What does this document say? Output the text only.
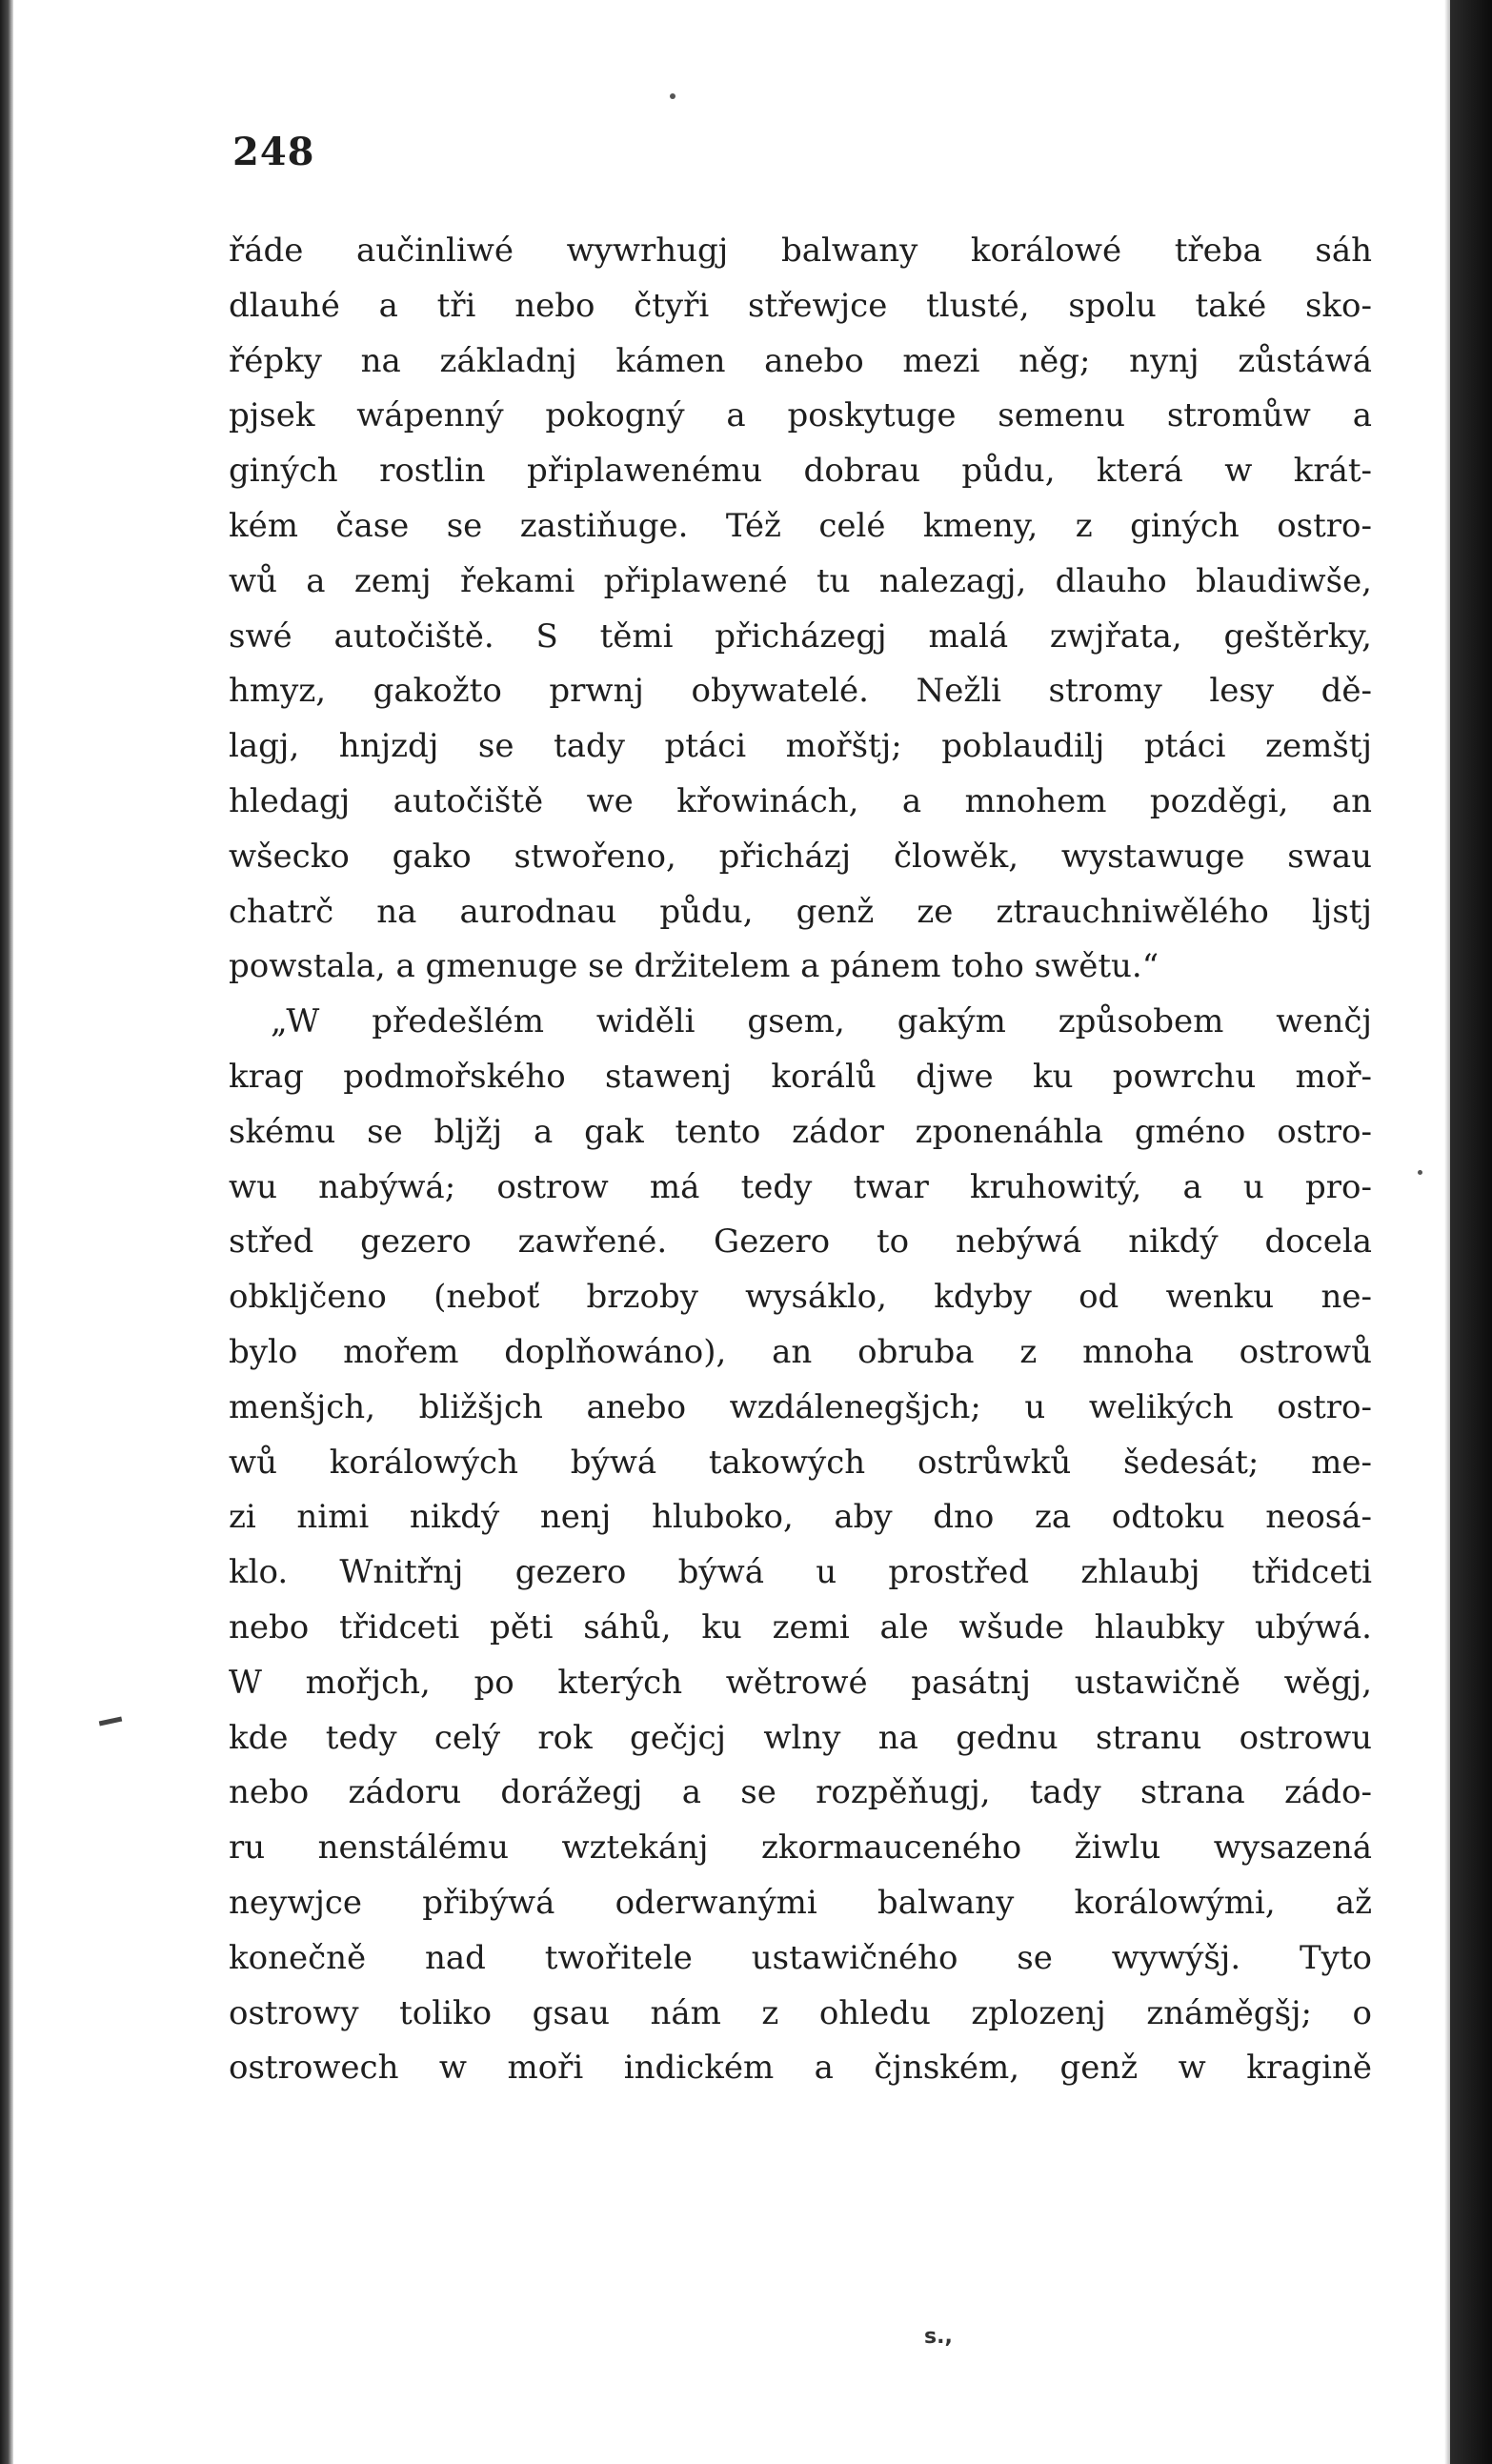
248
řáde aučinliwé wywrhugj balwany korálowé třeba sáh
dlauhé a tři nebo čtyři střewjce tlusté, spolu také sko-
řépky na základnj kámen anebo mezi něg; nynj zůstáwá
pjsek wápenný pokogný a poskytuge semenu stromůw a
giných rostlin připlawenému dobrau půdu, která w krát-
kém čase se zastiňuge. Též celé kmeny, z giných ostro-
wů a zemj řekami připlawené tu nalezagj, dlauho blaudiwše,
swé autočiště. S těmi přicházegj malá zwjřata, geštěrky,
hmyz, gakožto prwnj obywatelé. Nežli stromy lesy dě-
lagj, hnjzdj se tady ptáci mořštj; poblaudilj ptáci zemštj
hledagj autočiště we křowinách, a mnohem pozděgi, an
wšecko gako stwořeno, přicházj člowěk, wystawuge swau
chatrč na aurodnau půdu, genž ze ztrauchniwělého ljstj
powstala, a gmenuge se držitelem a pánem toho swětu.“
„W předešlém widěli gsem, gakým způsobem wenčj
krag podmořského stawenj korálů djwe ku powrchu moř-
skému se bljžj a gak tento zádor zponenáhla gméno ostro-
wu nabýwá; ostrow má tedy twar kruhowitý, a u pro-
střed gezero zawřené. Gezero to nebýwá nikdý docela
obkljčeno (neboť brzoby wysáklo, kdyby od wenku ne-
bylo mořem doplňowáno), an obruba z mnoha ostrowů
menšjch, bližšjch anebo wzdálenegšjch; u welikých ostro-
wů korálowých býwá takowých ostrůwků šedesát; me-
zi nimi nikdý nenj hluboko, aby dno za odtoku neosá-
klo. Wnitřnj gezero býwá u prostřed zhlaubj třidceti
nebo třidceti pěti sáhů, ku zemi ale wšude hlaubky ubýwá.
W mořjch, po kterých wětrowé pasátnj ustawičně wěgj,
kde tedy celý rok gečjcj wlny na gednu stranu ostrowu
nebo zádoru dorážegj a se rozpěňugj, tady strana zádo-
ru nenstálému wztekánj zkormauceného žiwlu wysazená
neywjce přibýwá oderwanými balwany korálowými, až
konečně nad twořitele ustawičného se wywýšj. Tyto
ostrowy toliko gsau nám z ohledu zplozenj známěgšj; o
ostrowech w moři indickém a čjnském, genž w kragině
s.,
